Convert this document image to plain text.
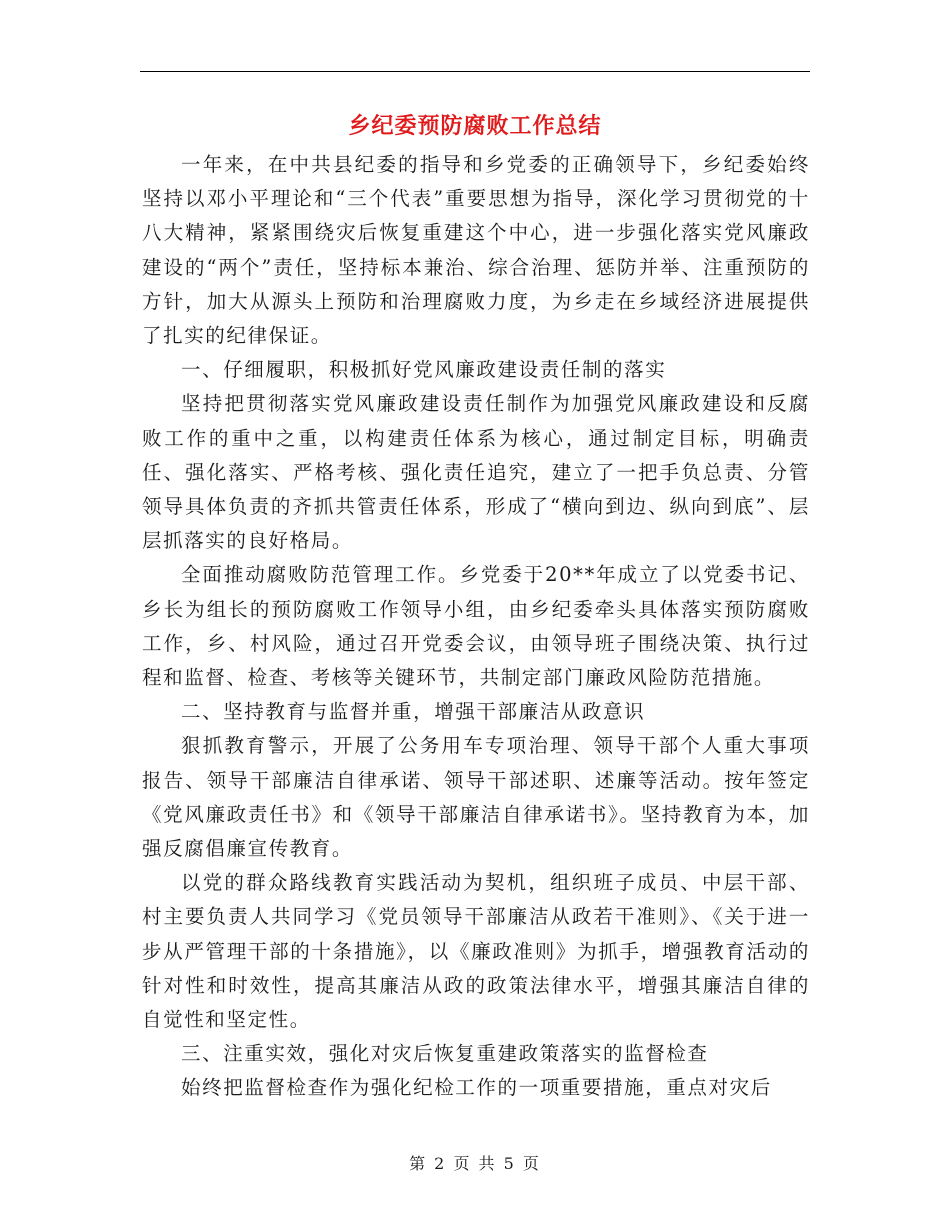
乡纪委预防腐败工作总结

一年来，在中共县纪委的指导和乡党委的正确领导下，乡纪委始终坚持以邓小平理论和“三个代表”重要思想为指导，深化学习贯彻党的十八大精神，紧紧围绕灾后恢复重建这个中心，进一步强化落实党风廉政建设的“两个”责任，坚持标本兼治、综合治理、惩防并举、注重预防的方针，加大从源头上预防和治理腐败力度，为乡走在乡域经济进展提供了扎实的纪律保证。

一、仔细履职，积极抓好党风廉政建设责任制的落实

坚持把贯彻落实党风廉政建设责任制作为加强党风廉政建设和反腐败工作的重中之重，以构建责任体系为核心，通过制定目标，明确责任、强化落实、严格考核、强化责任追究，建立了一把手负总责、分管领导具体负责的齐抓共管责任体系，形成了“横向到边、纵向到底”、层层抓落实的良好格局。

全面推动腐败防范管理工作。乡党委于20**年成立了以党委书记、乡长为组长的预防腐败工作领导小组，由乡纪委牵头具体落实预防腐败工作，乡、村风险，通过召开党委会议，由领导班子围绕决策、执行过程和监督、检查、考核等关键环节，共制定部门廉政风险防范措施。

二、坚持教育与监督并重，增强干部廉洁从政意识

狠抓教育警示，开展了公务用车专项治理、领导干部个人重大事项报告、领导干部廉洁自律承诺、领导干部述职、述廉等活动。按年签定《党风廉政责任书》和《领导干部廉洁自律承诺书》。坚持教育为本，加强反腐倡廉宣传教育。

以党的群众路线教育实践活动为契机，组织班子成员、中层干部、村主要负责人共同学习《党员领导干部廉洁从政若干准则》、《关于进一步从严管理干部的十条措施》，以《廉政准则》为抓手，增强教育活动的针对性和时效性，提高其廉洁从政的政策法律水平，增强其廉洁自律的自觉性和坚定性。

三、注重实效，强化对灾后恢复重建政策落实的监督检查

始终把监督检查作为强化纪检工作的一项重要措施，重点对灾后

第 2 页 共 5 页
